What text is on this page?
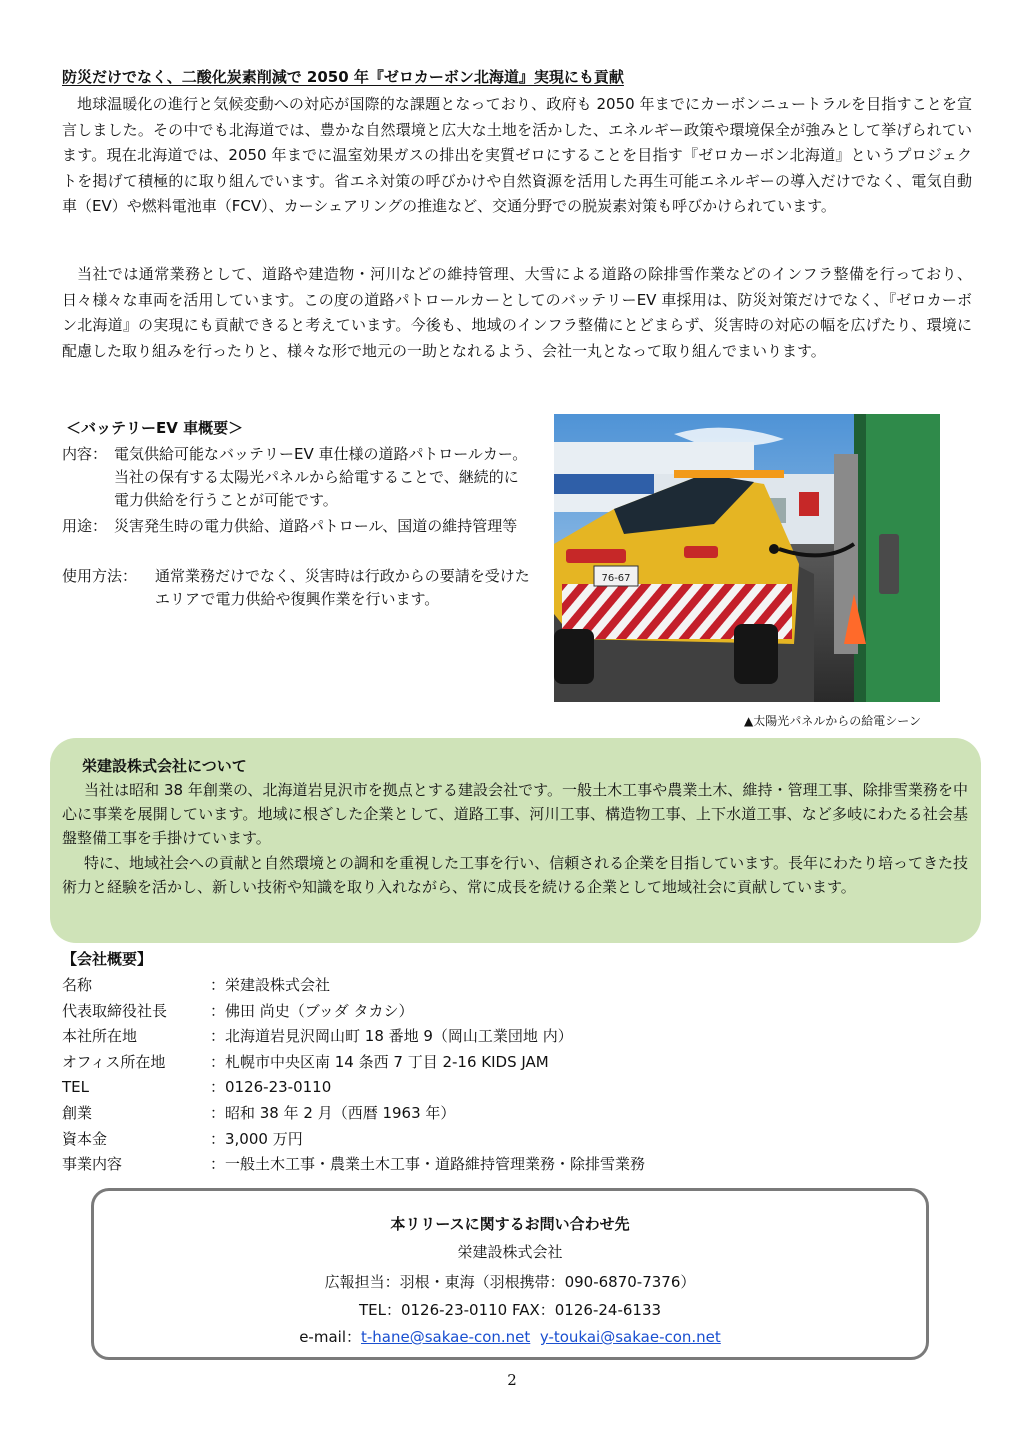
防災だけでなく、二酸化炭素削減で 2050 年『ゼロカーボン北海道』実現にも貢献

地球温暖化の進行と気候変動への対応が国際的な課題となっており、政府も 2050 年までにカーボンニュートラルを目指すことを宣言しました。その中でも北海道では、豊かな自然環境と広大な土地を活かした、エネルギー政策や環境保全が強みとして挙げられています。現在北海道では、2050 年までに温室効果ガスの排出を実質ゼロにすることを目指す『ゼロカーボン北海道』というプロジェクトを掲げて積極的に取り組んでいます。省エネ対策の呼びかけや自然資源を活用した再生可能エネルギーの導入だけでなく、電気自動車（EV）や燃料電池車（FCV）、カーシェアリングの推進など、交通分野での脱炭素対策も呼びかけられています。

当社では通常業務として、道路や建造物・河川などの維持管理、大雪による道路の除排雪作業などのインフラ整備を行っており、日々様々な車両を活用しています。この度の道路パトロールカーとしてのバッテリーEV 車採用は、防災対策だけでなく、『ゼロカーボン北海道』の実現にも貢献できると考えています。今後も、地域のインフラ整備にとどまらず、災害時の対応の幅を広げたり、環境に配慮した取り組みを行ったりと、様々な形で地元の一助となれるよう、会社一丸となって取り組んでまいります。

＜バッテリーEV 車概要＞
内容： 電気供給可能なバッテリーEV 車仕様の道路パトロールカー。当社の保有する太陽光パネルから給電することで、継続的に電力供給を行うことが可能です。
用途： 災害発生時の電力供給、道路パトロール、国道の維持管理等
使用方法： 通常業務だけでなく、災害時は行政からの要請を受けたエリアで電力供給や復興作業を行います。
76-67
▲太陽光パネルからの給電シーン
栄建設株式会社について

当社は昭和 38 年創業の、北海道岩見沢市を拠点とする建設会社です。一般土木工事や農業土木、維持・管理工事、除排雪業務を中心に事業を展開しています。地域に根ざした企業として、道路工事、河川工事、構造物工事、上下水道工事、など多岐にわたる社会基盤整備工事を手掛けています。

特に、地域社会への貢献と自然環境との調和を重視した工事を行い、信頼される企業を目指しています。長年にわたり培ってきた技術力と経験を活かし、新しい技術や知識を取り入れながら、常に成長を続ける企業として地域社会に貢献しています。

【会社概要】
名称	：栄建設株式会社
代表取締役社長	：佛田 尚史（ブッダ タカシ）
本社所在地	：北海道岩見沢岡山町 18 番地 9（岡山工業団地 内）
オフィス所在地	：札幌市中央区南 14 条西 7 丁目 2-16 KIDS JAM
TEL	：0126-23-0110
創業	：昭和 38 年 2 月（西暦 1963 年）
資本金	：3,000 万円
事業内容	：一般土木工事・農業土木工事・道路維持管理業務・除排雪業務
本リリースに関するお問い合わせ先
栄建設株式会社
広報担当：羽根・東海（羽根携帯：090-6870-7376）
TEL：0126-23-0110 FAX：0126-24-6133
e-mail：t-hane@sakae-con.net y-toukai@sakae-con.net
2
